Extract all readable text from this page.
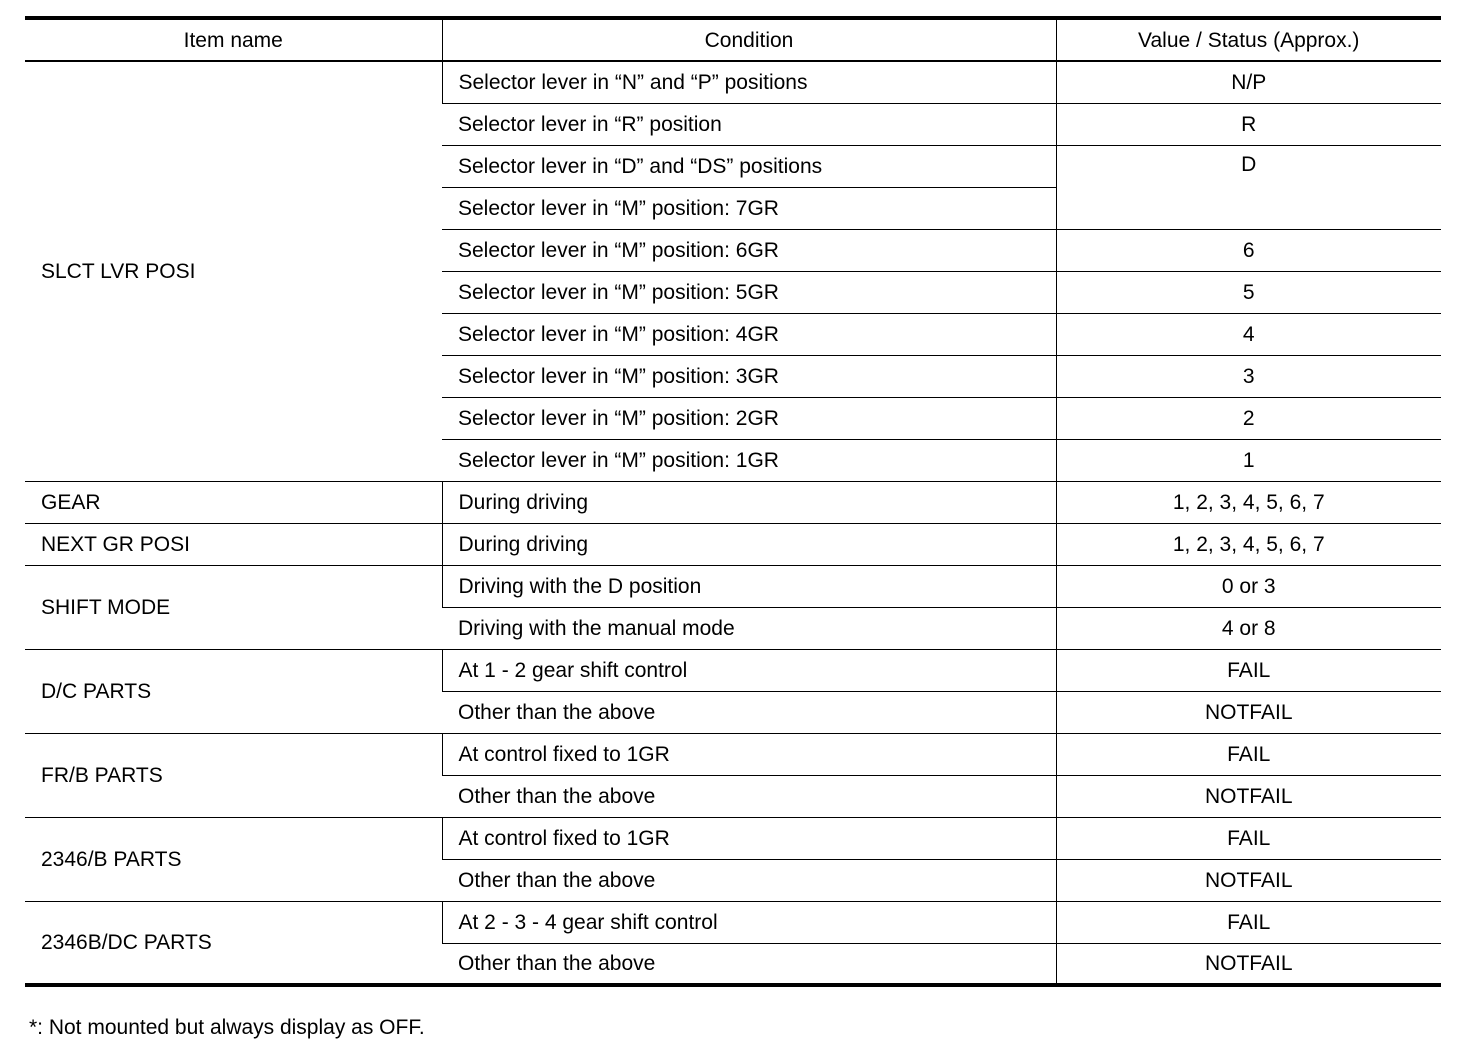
Item name	Condition	Value / Status (Approx.)
SLCT LVR POSI	Selector lever in “N” and “P” positions	N/P
	Selector lever in “R” position	R
	Selector lever in “D” and “DS” positions	D
	Selector lever in “M” position: 7GR	
	Selector lever in “M” position: 6GR	6
	Selector lever in “M” position: 5GR	5
	Selector lever in “M” position: 4GR	4
	Selector lever in “M” position: 3GR	3
	Selector lever in “M” position: 2GR	2
	Selector lever in “M” position: 1GR	1
GEAR	During driving	1, 2, 3, 4, 5, 6, 7
NEXT GR POSI	During driving	1, 2, 3, 4, 5, 6, 7
SHIFT MODE	Driving with the D position	0 or 3
	Driving with the manual mode	4 or 8
D/C PARTS	At 1 - 2 gear shift control	FAIL
	Other than the above	NOTFAIL
FR/B PARTS	At control fixed to 1GR	FAIL
	Other than the above	NOTFAIL
2346/B PARTS	At control fixed to 1GR	FAIL
	Other than the above	NOTFAIL
2346B/DC PARTS	At 2 - 3 - 4 gear shift control	FAIL
	Other than the above	NOTFAIL
*: Not mounted but always display as OFF.
